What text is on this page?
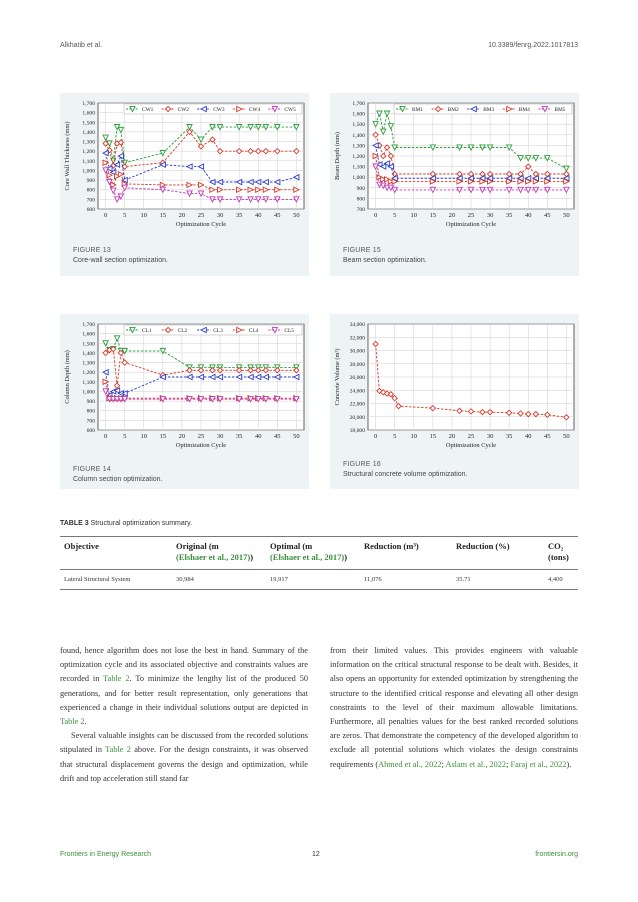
Alkhatib et al.	10.3389/fenrg.2022.1017813
600
700
800
900
1,000
1,100
1,200
1,300
1,400
1,500
1,600
1,700
0 5 10 15 20 25 30 35 40 45 50
Optimization Cycle
Core Wall Thickness (mm)
CW1	CW2	CW3	CW4	CW5
FIGURE 13
Core-wall section optimization.
700
800
900
1,000
1,100
1,200
1,300
1,400
1,500
1,600
1,700
0 5 10 15 20 25 30 35 40 45 50
Optimization Cycle
Beam Depth (mm)
BM1	BM2	BM3	BM4	BM5
FIGURE 15
Beam section optimization.
600
700
800
900
1,000
1,100
1,200
1,300
1,400
1,500
1,600
1,700
0 5 10 15 20 25 30 35 40 45 50
Optimization Cycle
Column Depth (mm)
CL1	CL2	CL3	CL4	CL5
FIGURE 14
Column section optimization.
18,000
20,000
22,000
24,000
26,000
28,000
30,000
32,000
34,000
0 5 10 15 20 25 30 35 40 45 50
Optimization Cycle
Concrete Volume (m³)
FIGURE 16
Structural concrete volume optimization.
TABLE 3 Structural optimization summary.
Objective	Original (m
(Elshaer et al., 2017))	Optimal (m
(Elshaer et al., 2017))	Reduction (m³)	Reduction (%)	CO₂ (tons)
Lateral Structural System	30,984	19,917	11,076	35.71	4,400

found, hence algorithm does not lose the best in hand. Summary of the optimization cycle and its associated objective and constraints values are recorded in Table 2. To minimize the lengthy list of the produced 50 generations, and for better result representation, only generations that experienced a change in their individual solutions output are depicted in Table 2.

Several valuable insights can be discussed from the recorded solutions stipulated in Table 2 above. For the design constraints, it was observed that structural displacement governs the design and optimization, while drift and top acceleration still stand far

from their limited values. This provides engineers with valuable information on the critical structural response to be dealt with. Besides, it also opens an opportunity for extended optimization by strengthening the structure to the identified critical response and elevating all other design constraints to the level of their maximum allowable limitations. Furthermore, all penalties values for the best ranked recorded solutions are zeros. That demonstrate the competency of the developed algorithm to exclude all potential solutions which violates the design constraints requirements (Ahmed et al., 2022; Aslam et al., 2022; Faraj et al., 2022).

Frontiers in Energy Research	12	frontiersin.org
